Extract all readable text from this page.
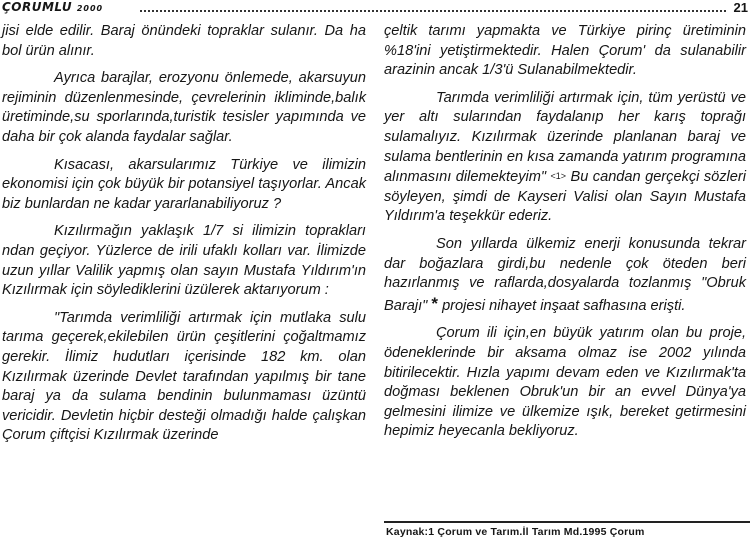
ÇORUMLU 2000	21

jisi elde edilir. Baraj önündeki topraklar sulanır. Da ha bol ürün alınır.

Ayrıca barajlar, erozyonu önlemede, akarsuyun rejiminin düzenlenmesinde, çevrelerinin ikliminde,balık üretiminde,su sporlarında,turistik tesisler yapımında ve daha bir çok alanda faydalar sağlar.

Kısacası, akarsularımız Türkiye ve ilimizin ekonomisi için çok büyük bir potansiyel taşıyorlar. Ancak biz bunlardan ne kadar yararlanabiliyoruz ?

Kızılırmağın yaklaşık 1/7 si ilimizin toprakları ndan geçiyor. Yüzlerce de irili ufaklı kolları var. İlimizde uzun yıllar Valilik yapmış olan sayın Mustafa Yıldırım'ın Kızılırmak için söylediklerini üzülerek aktarıyorum :

"Tarımda verimliliği artırmak için mutlaka sulu tarıma geçerek,ekilebilen ürün çeşitlerini çoğaltmamız gerekir. İlimiz hudutları içerisinde 182 km. olan Kızılırmak üzerinde Devlet tarafından yapılmış bir tane baraj ya da sulama bendinin bulunmaması üzüntü vericidir. Devletin hiçbir desteği olmadığı halde çalışkan Çorum çiftçisi Kızılırmak üzerinde

çeltik tarımı yapmakta ve Türkiye pirinç üretiminin %18'ini yetiştirmektedir. Halen Çorum' da sulanabilir arazinin ancak 1/3'ü Sulanabilmektedir.

Tarımda verimliliği artırmak için, tüm yerüstü ve yer altı sularından faydalanıp her karış toprağı sulamalıyız. Kızılırmak üzerinde planlanan baraj ve sulama bentlerinin en kısa zamanda yatırım programına alınmasını dilemekteyim" <1> Bu candan gerçekçi sözleri söyleyen, şimdi de Kayseri Valisi olan Sayın Mustafa Yıldırım'a teşekkür ederiz.

Son yıllarda ülkemiz enerji konusunda tekrar dar boğazlara girdi,bu nedenle çok öteden beri hazırlanmış ve raflarda,dosyalarda tozlanmış "Obruk Barajı" * projesi nihayet inşaat safhasına erişti.

Çorum ili için,en büyük yatırım olan bu proje, ödeneklerinde bir aksama olmaz ise 2002 yılında bitirilecektir. Hızla yapımı devam eden ve Kızılırmak'ta doğması beklenen Obruk'un bir an evvel Dünya'ya gelmesini ilimize ve ülkemize ışık, bereket getirmesini hepimiz heyecanla bekliyoruz.

Kaynak:1 Çorum ve Tarım.İl Tarım Md.1995 Çorum
